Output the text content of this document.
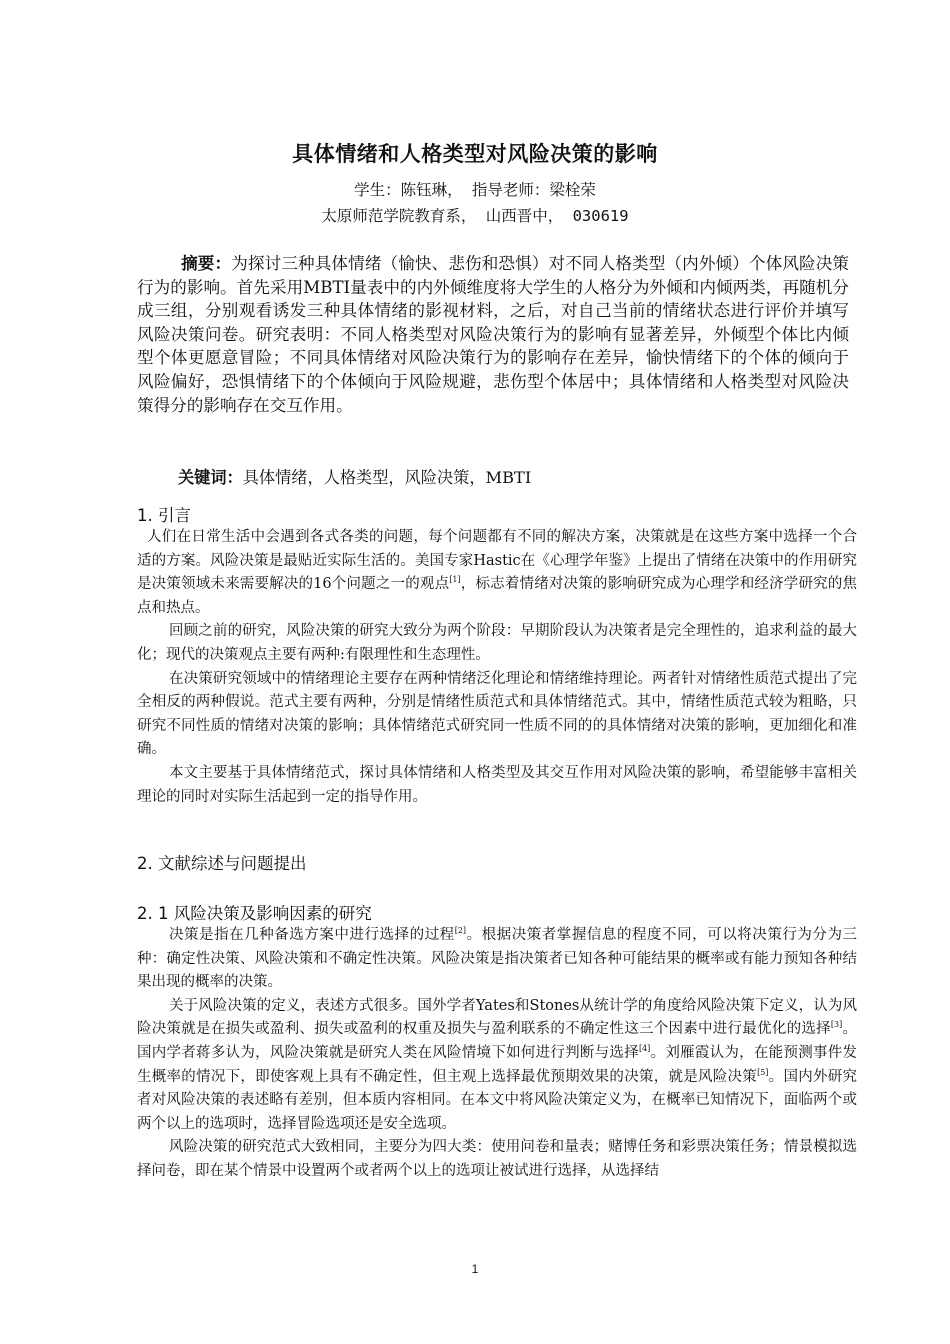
具体情绪和人格类型对风险决策的影响
学生：陈钰琳， 指导老师：梁栓荣
太原师范学院教育系， 山西晋中， 030619
摘要：为探讨三种具体情绪（愉快、悲伤和恐惧）对不同人格类型（内外倾）个体风险决策行为的影响。首先采用MBTI量表中的内外倾维度将大学生的人格分为外倾和内倾两类，再随机分成三组，分别观看诱发三种具体情绪的影视材料，之后，对自己当前的情绪状态进行评价并填写风险决策问卷。研究表明：不同人格类型对风险决策行为的影响有显著差异，外倾型个体比内倾型个体更愿意冒险；不同具体情绪对风险决策行为的影响存在差异，愉快情绪下的个体的倾向于风险偏好，恐惧情绪下的个体倾向于风险规避，悲伤型个体居中；具体情绪和人格类型对风险决策得分的影响存在交互作用。
关键词：具体情绪，人格类型，风险决策，MBTI
1. 引言

人们在日常生活中会遇到各式各类的问题，每个问题都有不同的解决方案，决策就是在这些方案中选择一个合适的方案。风险决策是最贴近实际生活的。美国专家Hastic在《心理学年鉴》上提出了情绪在决策中的作用研究是决策领域未来需要解决的16个问题之一的观点[1]，标志着情绪对决策的影响研究成为心理学和经济学研究的焦点和热点。

回顾之前的研究，风险决策的研究大致分为两个阶段：早期阶段认为决策者是完全理性的，追求利益的最大化；现代的决策观点主要有两种:有限理性和生态理性。

在决策研究领域中的情绪理论主要存在两种情绪泛化理论和情绪维持理论。两者针对情绪性质范式提出了完全相反的两种假说。范式主要有两种，分别是情绪性质范式和具体情绪范式。其中，情绪性质范式较为粗略，只研究不同性质的情绪对决策的影响；具体情绪范式研究同一性质不同的的具体情绪对决策的影响，更加细化和准确。

本文主要基于具体情绪范式，探讨具体情绪和人格类型及其交互作用对风险决策的影响，希望能够丰富相关理论的同时对实际生活起到一定的指导作用。

2. 文献综述与问题提出
2. 1 风险决策及影响因素的研究

决策是指在几种备选方案中进行选择的过程[2]。根据决策者掌握信息的程度不同，可以将决策行为分为三种：确定性决策、风险决策和不确定性决策。风险决策是指决策者已知各种可能结果的概率或有能力预知各种结果出现的概率的决策。

关于风险决策的定义，表述方式很多。国外学者Yates和Stones从统计学的角度给风险决策下定义，认为风险决策就是在损失或盈利、损失或盈利的权重及损失与盈利联系的不确定性这三个因素中进行最优化的选择[3]。国内学者蒋多认为，风险决策就是研究人类在风险情境下如何进行判断与选择[4]。刘雁霞认为，在能预测事件发生概率的情况下，即使客观上具有不确定性，但主观上选择最优预期效果的决策，就是风险决策[5]。国内外研究者对风险决策的表述略有差别，但本质内容相同。在本文中将风险决策定义为，在概率已知情况下，面临两个或两个以上的选项时，选择冒险选项还是安全选项。

风险决策的研究范式大致相同，主要分为四大类：使用问卷和量表；赌博任务和彩票决策任务；情景模拟选择问卷，即在某个情景中设置两个或者两个以上的选项让被试进行选择，从选择结

1
